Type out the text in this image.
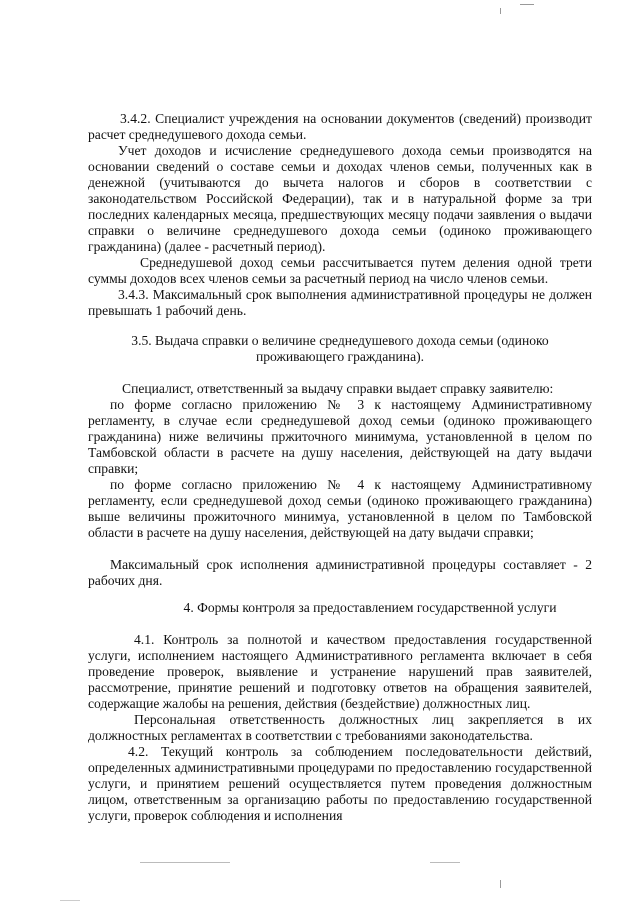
3.4.2. Специалист учреждения на основании документов (сведений) производит расчет среднедушевого дохода семьи.

Учет доходов и исчисление среднедушевого дохода семьи производятся на основании сведений о составе семьи и доходах членов семьи, полученных как в денежной (учитываются до вычета налогов и сборов в соответствии с законодательством Российской Федерации), так и в натуральной форме за три последних календарных месяца, предшествующих месяцу подачи заявления о выдачи справки о величине среднедушевого дохода семьи (одиноко проживающего гражданина) (далее - расчетный период).

Среднедушевой доход семьи рассчитывается путем деления одной трети суммы доходов всех членов семьи за расчетный период на число членов семьи.

3.4.3. Максимальный срок выполнения административной процедуры не должен превышать 1 рабочий день.

3.5. Выдача справки о величине среднедушевого дохода семьи (одиноко проживающего гражданина).

Специалист, ответственный за выдачу справки выдает справку заявителю:

по форме согласно приложению № 3 к настоящему Административному регламенту, в случае если среднедушевой доход семьи (одиноко проживающего гражданина) ниже величины пржиточного минимума, установленной в целом по Тамбовской области в расчете на душу населения, действующей на дату выдачи справки;

по форме согласно приложению № 4 к настоящему Административному регламенту, если среднедушевой доход семьи (одиноко проживающего гражданина) выше величины прожиточного минимуа, установленной в целом по Тамбовской области в расчете на душу населения, действующей на дату выдачи справки;

Максимальный срок исполнения административной процедуры составляет - 2 рабочих дня.

4. Формы контроля за предоставлением государственной услуги

4.1. Контроль за полнотой и качеством предоставления государственной услуги, исполнением настоящего Административного регламента включает в себя проведение проверок, выявление и устранение нарушений прав заявителей, рассмотрение, принятие решений и подготовку ответов на обращения заявителей, содержащие жалобы на решения, действия (бездействие) должностных лиц.

Персональная ответственность должностных лиц закрепляется в их должностных регламентах в соответствии с требованиями законодательства.

4.2. Текущий контроль за соблюдением последовательности действий, определенных административными процедурами по предоставлению государственной услуги, и принятием решений осуществляется путем проведения должностным лицом, ответственным за организацию работы по предоставлению государственной услуги, проверок соблюдения и исполнения
